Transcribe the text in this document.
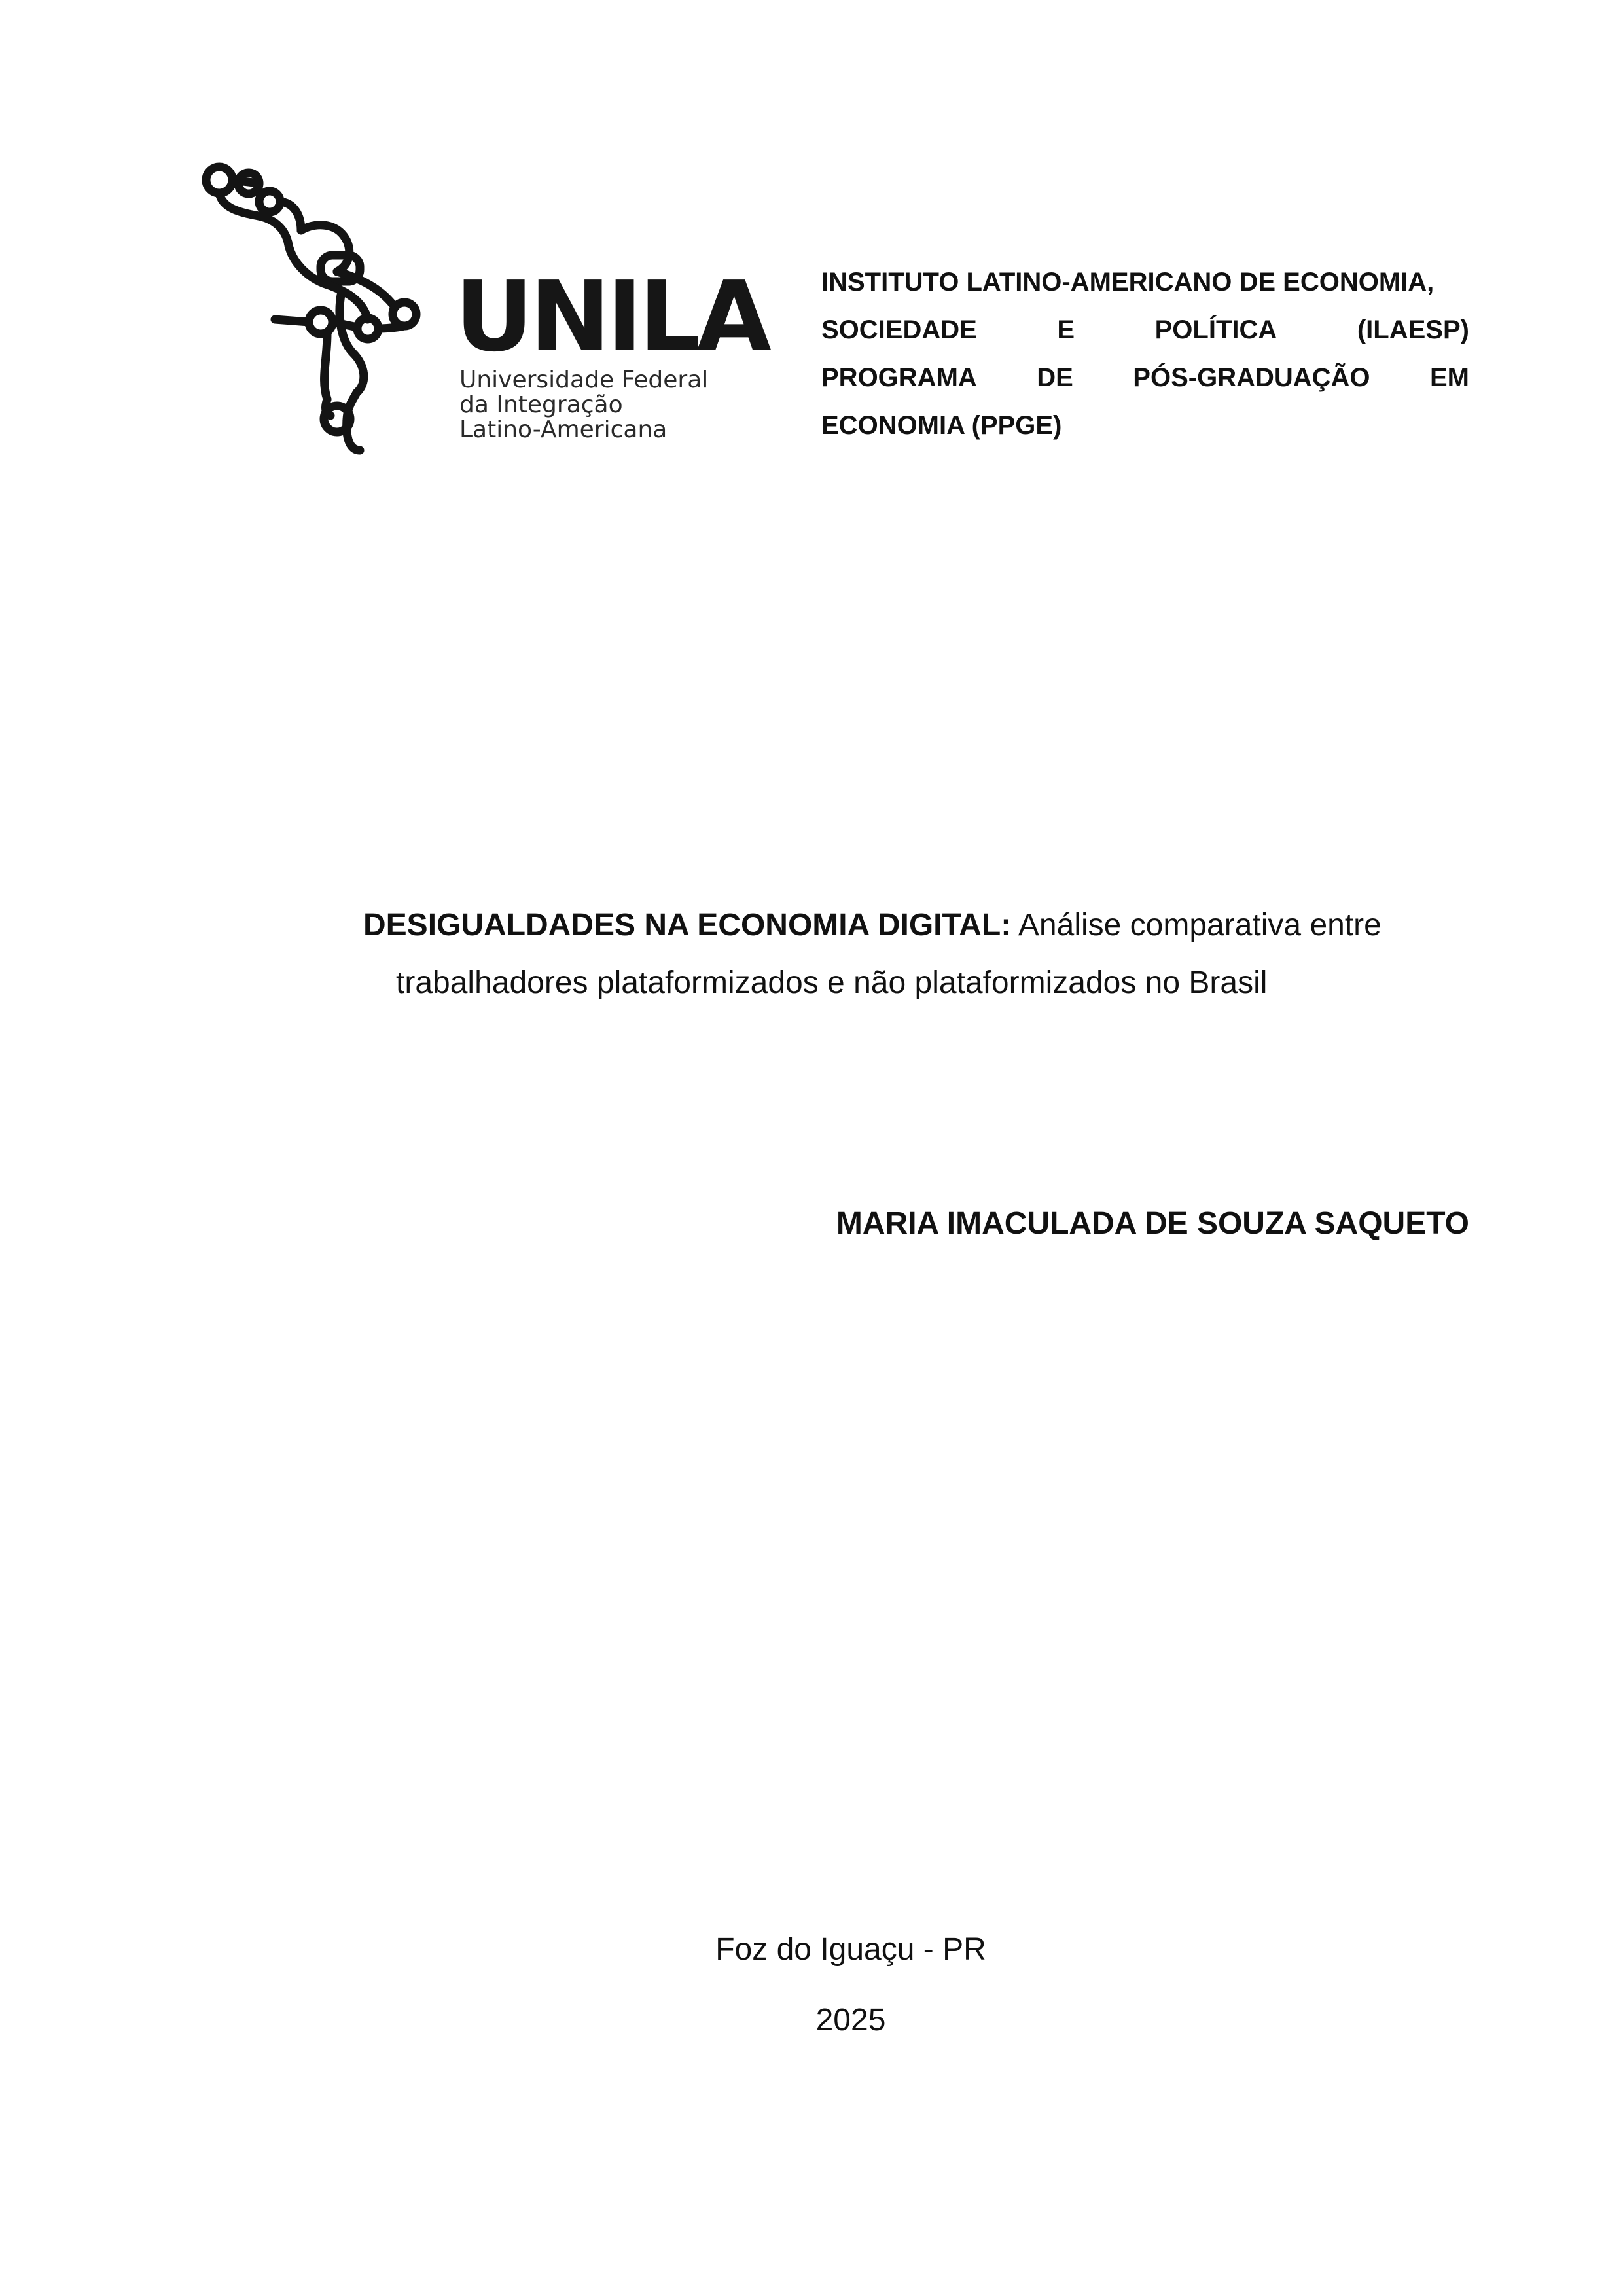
UNILA
Universidade Federal
da Integração
Latino-Americana
INSTITUTO LATINO-AMERICANO DE ECONOMIA,
SOCIEDADE	E	POLÍTICA	(ILAESP)
PROGRAMA DE PÓS-GRADUAÇÃO EM
ECONOMIA (PPGE)
DESIGUALDADES NA ECONOMIA DIGITAL: Análise comparativa entre
trabalhadores plataformizados e não plataformizados no Brasil
MARIA IMACULADA DE SOUZA SAQUETO
Foz do Iguaçu - PR
2025
